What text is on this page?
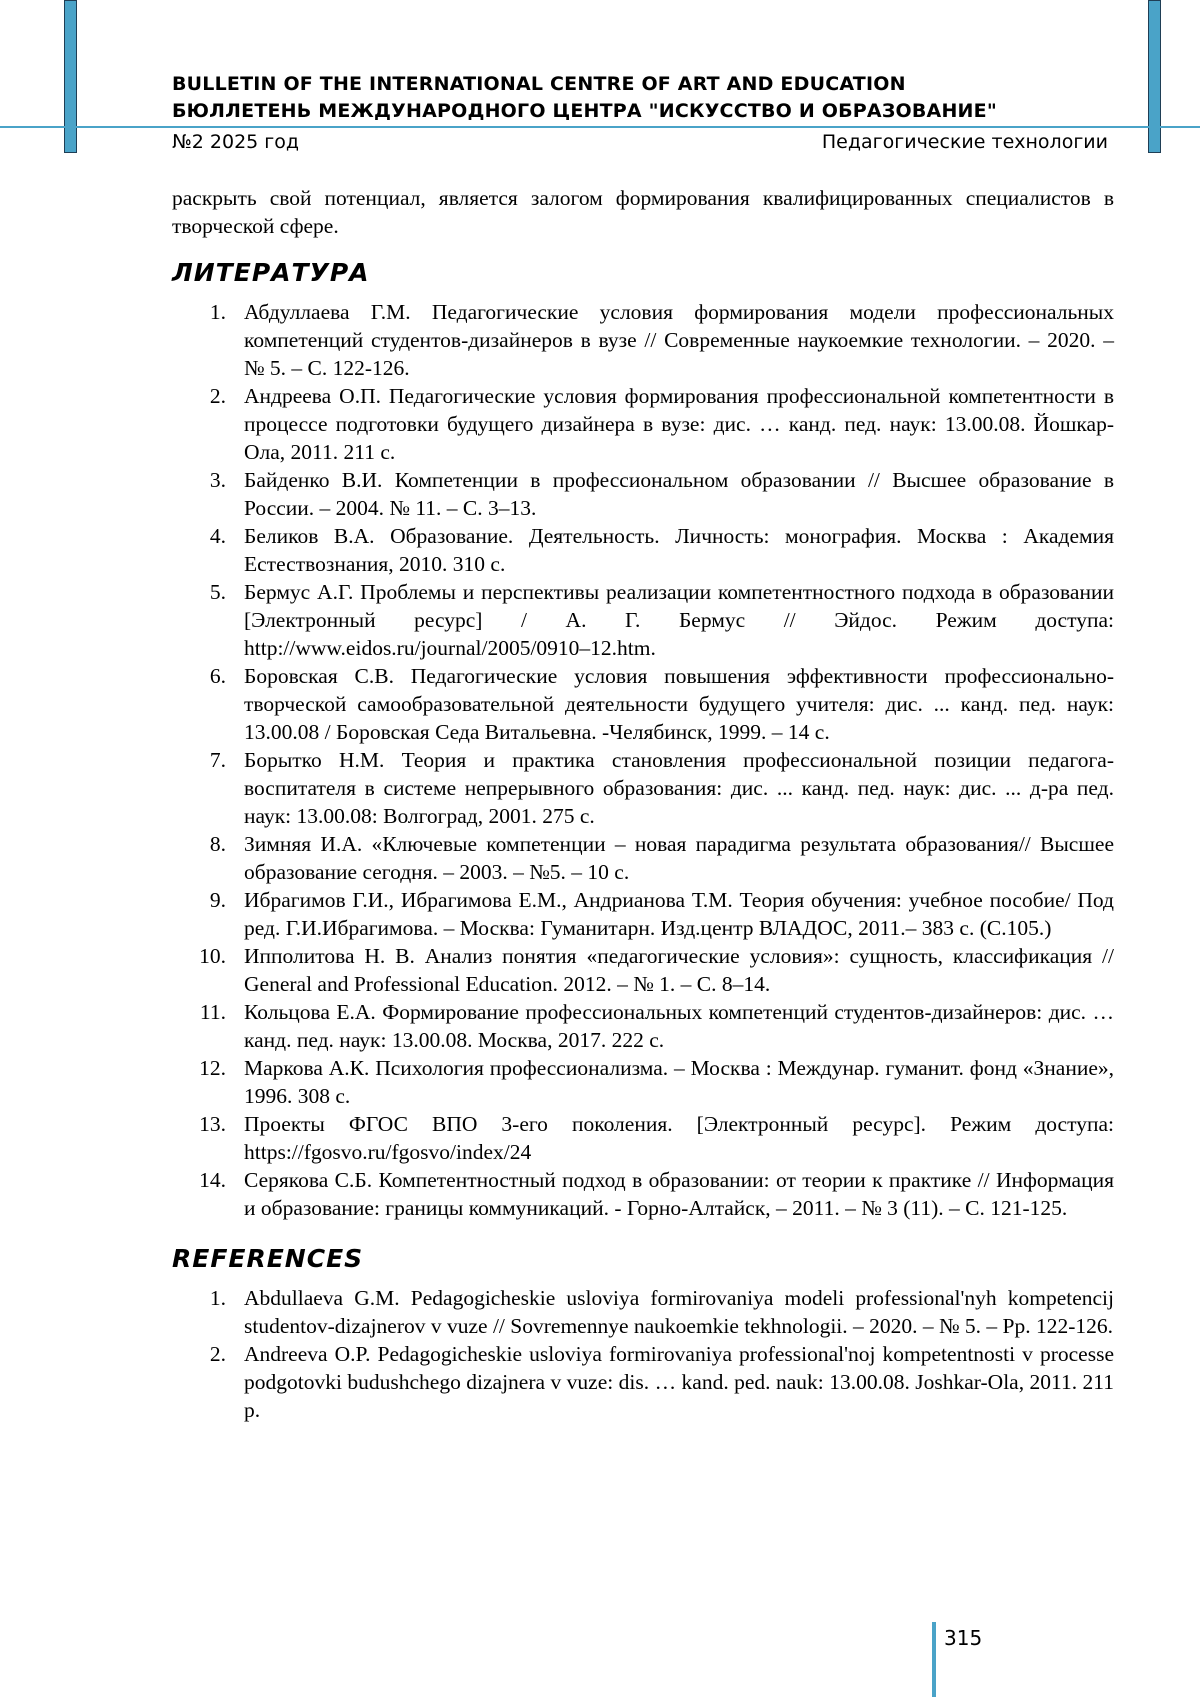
BULLETIN OF THE INTERNATIONAL CENTRE OF ART AND EDUCATION
БЮЛЛЕТЕНЬ МЕЖДУНАРОДНОГО ЦЕНТРА "ИСКУССТВО И ОБРАЗОВАНИЕ"
№2 2025 год	Педагогические технологии

раскрыть свой потенциал, является залогом формирования квалифицированных специалистов в творческой сфере.

ЛИТЕРАТУРА
1. Абдуллаева Г.М. Педагогические условия формирования модели профессиональных компетенций студентов-дизайнеров в вузе // Современные наукоемкие технологии. – 2020. – № 5. – С. 122-126.
2. Андреева О.П. Педагогические условия формирования профессиональной компетентности в процессе подготовки будущего дизайнера в вузе: дис. … канд. пед. наук: 13.00.08. Йошкар-Ола, 2011. 211 с.
3. Байденко В.И. Компетенции в профессиональном образовании // Высшее образование в России. – 2004. № 11. – С. 3–13.
4. Беликов В.А. Образование. Деятельность. Личность: монография. Москва : Академия Естествознания, 2010. 310 с.
5. Бермус А.Г. Проблемы и перспективы реализации компетентностного подхода в образовании [Электронный ресурс] / А. Г. Бермус // Эйдос. Режим доступа: http://www.eidos.ru/journal/2005/0910–12.htm.
6. Боровская С.В. Педагогические условия повышения эффективности профессионально-творческой самообразовательной деятельности будущего учителя: дис. ... канд. пед. наук: 13.00.08 / Боровская Седа Витальевна. -Челябинск, 1999. – 14 с.
7. Борытко Н.М. Теория и практика становления профессиональной позиции педагога-воспитателя в системе непрерывного образования: дис. ... канд. пед. наук: дис. ... д-ра пед. наук: 13.00.08: Волгоград, 2001. 275 с.
8. Зимняя И.А. «Ключевые компетенции – новая парадигма результата образования// Высшее образование сегодня. – 2003. – №5. – 10 с.
9. Ибрагимов Г.И., Ибрагимова Е.М., Андрианова Т.М. Теория обучения: учебное пособие/ Под ред. Г.И.Ибрагимова. – Москва: Гуманитарн. Изд.центр ВЛАДОС, 2011.– 383 с. (С.105.)
10. Ипполитова Н. В. Анализ понятия «педагогические условия»: сущность, классификация // General and Professional Education. 2012. – № 1. – С. 8–14.
11. Кольцова Е.А. Формирование профессиональных компетенций студентов-дизайнеров: дис. … канд. пед. наук: 13.00.08. Москва, 2017. 222 с.
12. Маркова А.К. Психология профессионализма. – Москва : Междунар. гуманит. фонд «Знание», 1996. 308 с.
13. Проекты ФГОС ВПО 3-его поколения. [Электронный ресурс]. Режим доступа: https://fgosvo.ru/fgosvo/index/24
14. Серякова С.Б. Компетентностный подход в образовании: от теории к практике // Информация и образование: границы коммуникаций. - Горно-Алтайск, – 2011. – № 3 (11). – С. 121-125.
REFERENCES
1. Abdullaeva G.M. Pedagogicheskie usloviya formirovaniya modeli professional'nyh kompetencij studentov-dizajnerov v vuze // Sovremennye naukoemkie tekhnologii. – 2020. – № 5. – Pp. 122-126.
2. Andreeva O.P. Pedagogicheskie usloviya formirovaniya professional'noj kompetentnosti v processe podgotovki budushchego dizajnera v vuze: dis. … kand. ped. nauk: 13.00.08. Joshkar-Ola, 2011. 211 p.
315
